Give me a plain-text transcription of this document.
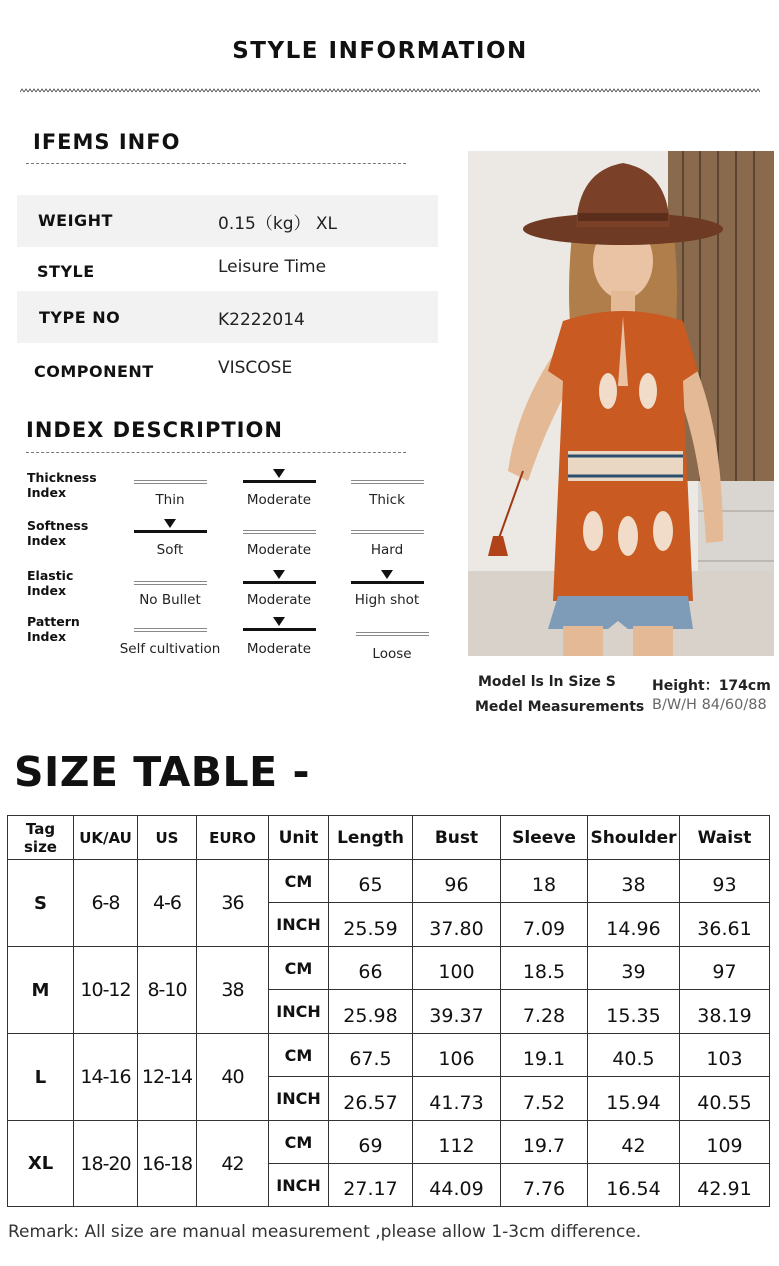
STYLE INFORMATION
IFEMS INFO
WEIGHT	0.15（kg） XL
STYLE	Leisure Time
TYPE NO	K2222014
COMPONENT	VISCOSE
INDEX DESCRIPTION
Thickness
Index	Thin	Moderate	Thick
Softness
Index
Soft	Moderate	Hard
Elastic
Index
No Bullet	Moderate	High shot
Pattern
Index
Self cultivation	Moderate	Loose
Model ls ln Size S	Height：174cm
Medel Measurements B/W/H 84/60/88
SIZE TABLE -
Tag size	UK/AU	US	EURO	Unit	Length	Bust	Sleeve	Shoulder	Waist
S	6-8	4-6	36	CM	65	96	18	38	93
				INCH	25.59	37.80	7.09	14.96	36.61
M	10-12	8-10	38	CM	66	100	18.5	39	97
				INCH	25.98	39.37	7.28	15.35	38.19
L	14-16	12-14	40	CM	67.5	106	19.1	40.5	103
				INCH	26.57	41.73	7.52	15.94	40.55
XL	18-20	16-18	42	CM	69	112	19.7	42	109
				INCH	27.17	44.09	7.76	16.54	42.91
Remark: All size are manual measurement ,please allow 1-3cm difference.
